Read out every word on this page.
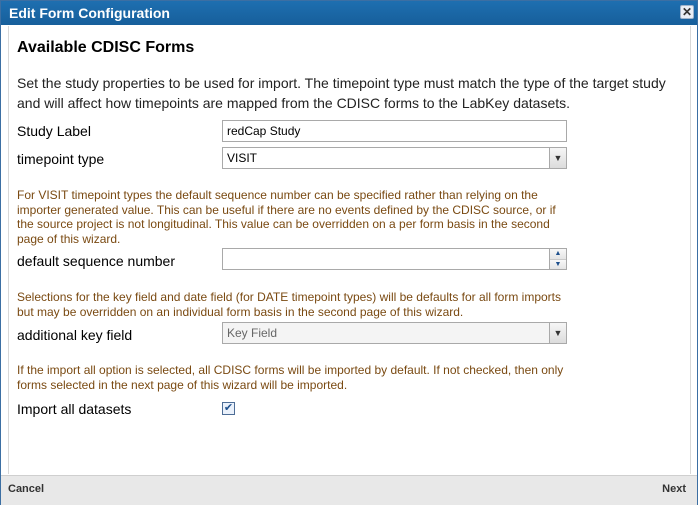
Edit Form Configuration	✕
Available CDISC Forms
Set the study properties to be used for import. The timepoint type must match the type of the target study and will affect how timepoints are mapped from the CDISC forms to the LabKey datasets.
Study Label	redCap Study
timepoint type	VISIT	▼
For VISIT timepoint types the default sequence number can be specified rather than relying on the importer generated value. This can be useful if there are no events defined by the CDISC source, or if the source project is not longitudinal. This value can be overridden on a per form basis in the second page of this wizard.
default sequence number	▲
▼
Selections for the key field and date field (for DATE timepoint types) will be defaults for all form imports but may be overridden on an individual form basis in the second page of this wizard.
additional key field	Key Field	▼
If the import all option is selected, all CDISC forms will be imported by default. If not checked, then only forms selected in the next page of this wizard will be imported.
Import all datasets	✔
Cancel	Next
